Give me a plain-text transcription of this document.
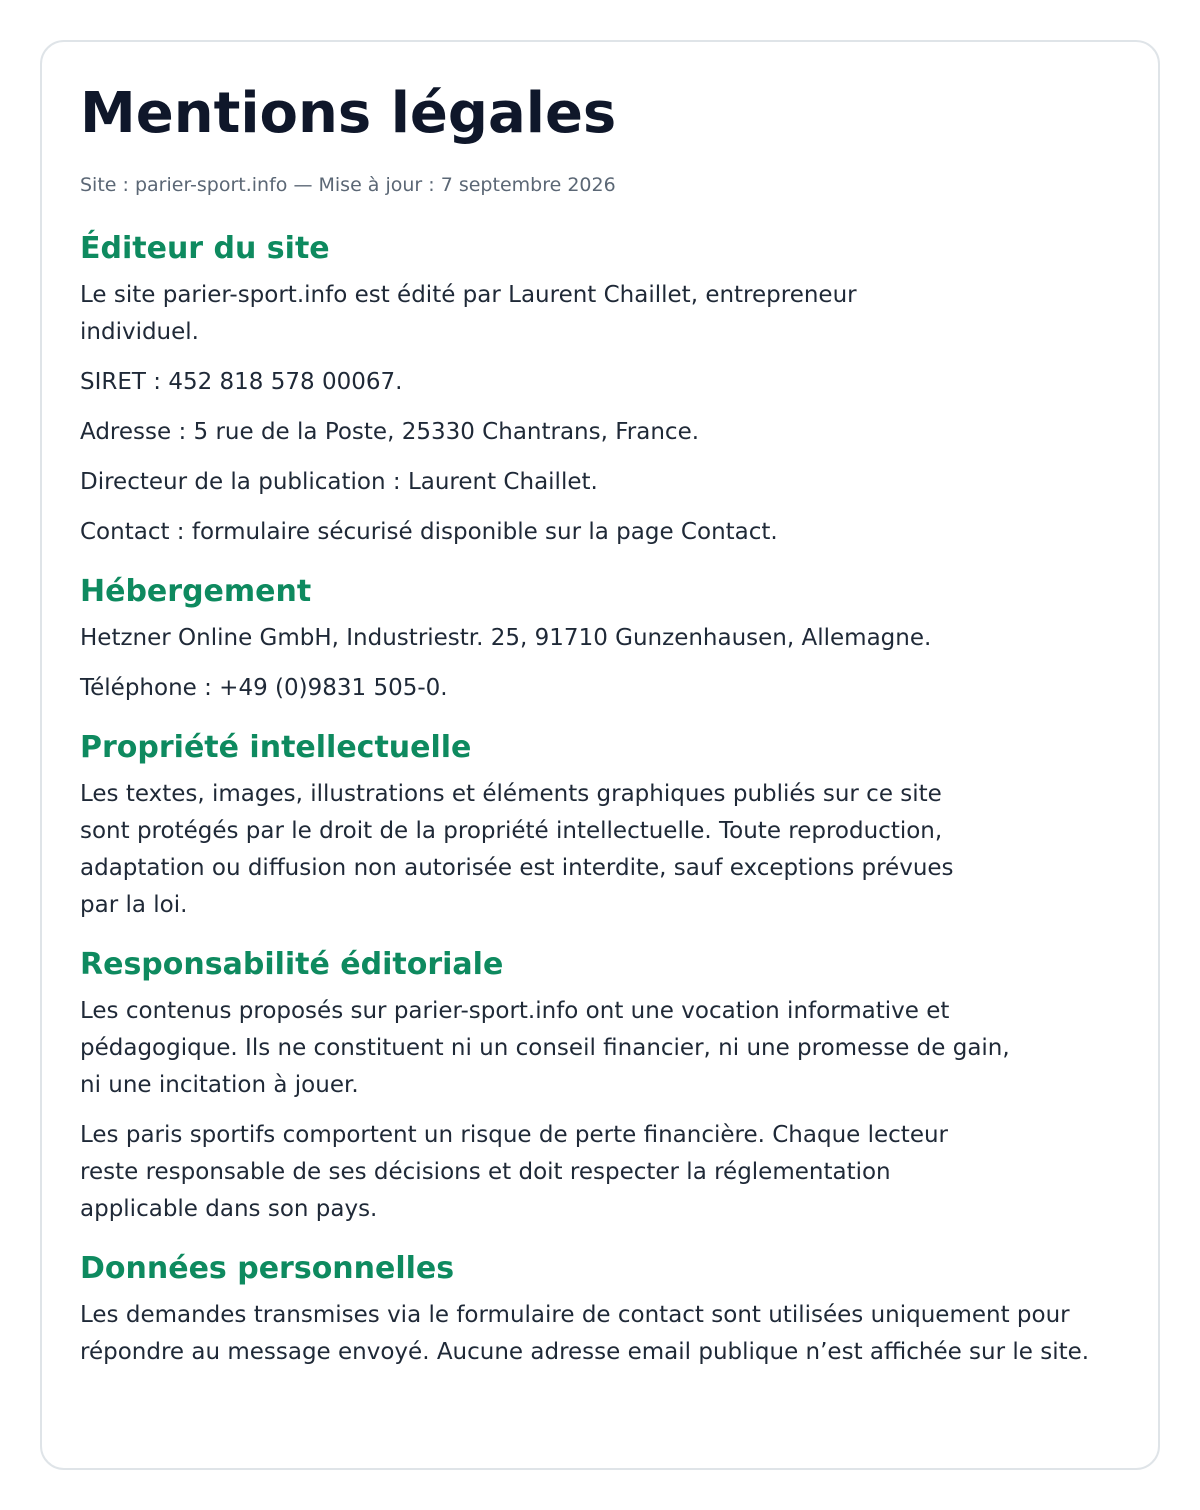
Mentions légales
Site : parier-sport.info — Mise à jour : 7 septembre 2026
Éditeur du site

Le site parier-sport.info est édité par Laurent Chaillet, entrepreneur individuel.

SIRET : 452 818 578 00067.

Adresse : 5 rue de la Poste, 25330 Chantrans, France.

Directeur de la publication : Laurent Chaillet.

Contact : formulaire sécurisé disponible sur la page Contact.

Hébergement

Hetzner Online GmbH, Industriestr. 25, 91710 Gunzenhausen, Allemagne.

Téléphone : +49 (0)9831 505-0.

Propriété intellectuelle

Les textes, images, illustrations et éléments graphiques publiés sur ce site sont protégés par le droit de la propriété intellectuelle. Toute reproduction, adaptation ou diffusion non autorisée est interdite, sauf exceptions prévues par la loi.

Responsabilité éditoriale

Les contenus proposés sur parier-sport.info ont une vocation informative et pédagogique. Ils ne constituent ni un conseil financier, ni une promesse de gain, ni une incitation à jouer.

Les paris sportifs comportent un risque de perte financière. Chaque lecteur reste responsable de ses décisions et doit respecter la réglementation applicable dans son pays.

Données personnelles

Les demandes transmises via le formulaire de contact sont utilisées uniquement pour répondre au message envoyé. Aucune adresse email publique n’est affichée sur le site.
